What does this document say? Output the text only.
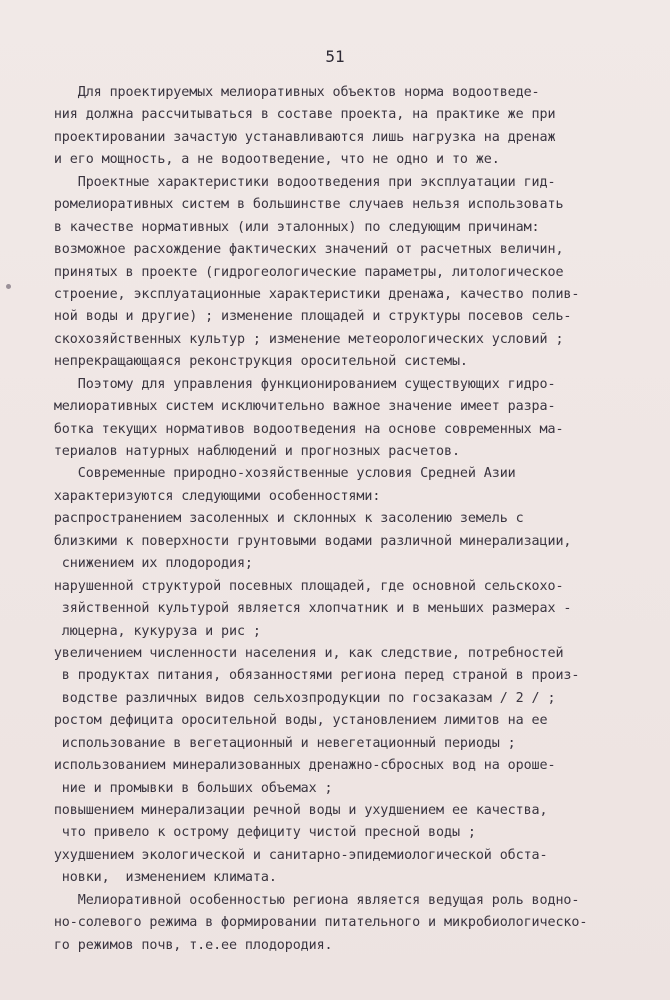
51
Для проектируемых мелиоративных объектов норма водоотведе-
ния должна рассчитываться в составе проекта, на практике же при
проектировании зачастую устанавливаются лишь нагрузка на дренаж
и его мощность, а не водоотведение, что не одно и то же.
Проектные характеристики водоотведения при эксплуатации гид-
ромелиоративных систем в большинстве случаев нельзя использовать
в качестве нормативных (или эталонных) по следующим причинам:
возможное расхождение фактических значений от расчетных величин,
принятых в проекте (гидрогеологические параметры, литологическое
строение, эксплуатационные характеристики дренажа, качество полив-
ной воды и другие) ; изменение площадей и структуры посевов сель-
скохозяйственных культур ; изменение метеорологических условий ;
непрекращающаяся реконструкция оросительной системы.
Поэтому для управления функционированием существующих гидро-
мелиоративных систем исключительно важное значение имеет разра-
ботка текущих нормативов водоотведения на основе современных ма-
териалов натурных наблюдений и прогнозных расчетов.
Современные природно-хозяйственные условия Средней Азии
характеризуются следующими особенностями:
распространением засоленных и склонных к засолению земель с
близкими к поверхности грунтовыми водами различной минерализации,
снижением их плодородия;
нарушенной структурой посевных площадей, где основной сельскохо-
зяйственной культурой является хлопчатник и в меньших размерах -
люцерна, кукуруза и рис ;
увеличением численности населения и, как следствие, потребностей
в продуктах питания, обязанностями региона перед страной в произ-
водстве различных видов сельхозпродукции по госзаказам / 2 / ;
ростом дефицита оросительной воды, установлением лимитов на ее
использование в вегетационный и невегетационный периоды ;
использованием минерализованных дренажно-сбросных вод на ороше-
ние и промывки в больших объемах ;
повышением минерализации речной воды и ухудшением ее качества,
что привело к острому дефициту чистой пресной воды ;
ухудшением экологической и санитарно-эпидемиологической обста-
новки,  изменением климата.
Мелиоративной особенностью региона является ведущая роль водно-
но-солевого режима в формировании питательного и микробиологическо-
го режимов почв, т.е.ее плодородия.
